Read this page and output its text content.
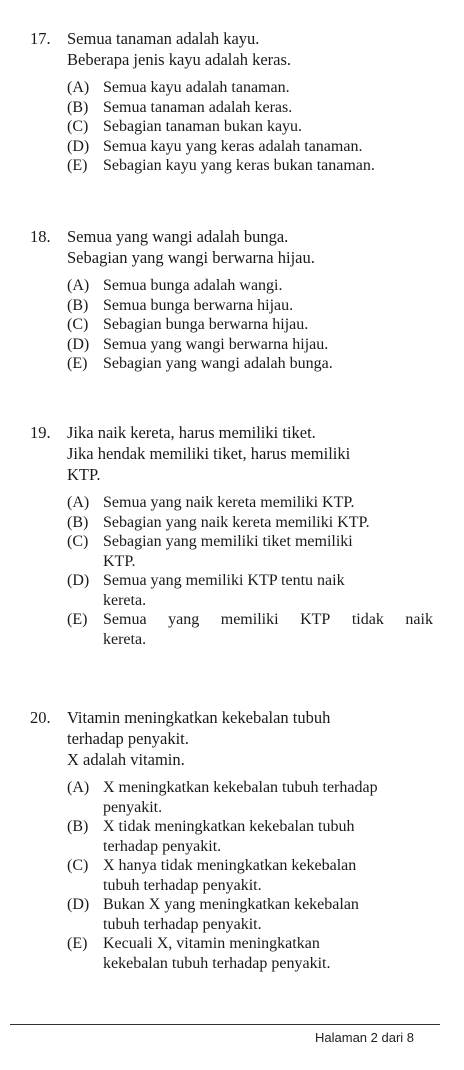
17. Semua tanaman adalah kayu.
Beberapa jenis kayu adalah keras.
(A) Semua kayu adalah tanaman.
(B) Semua tanaman adalah keras.
(C) Sebagian tanaman bukan kayu.
(D) Semua kayu yang keras adalah tanaman.
(E) Sebagian kayu yang keras bukan tanaman.
18. Semua yang wangi adalah bunga.
Sebagian yang wangi berwarna hijau.
(A) Semua bunga adalah wangi.
(B) Semua bunga berwarna hijau.
(C) Sebagian bunga berwarna hijau.
(D) Semua yang wangi berwarna hijau.
(E) Sebagian yang wangi adalah bunga.
19. Jika naik kereta, harus memiliki tiket.
Jika hendak memiliki tiket, harus memiliki
KTP.
(A) Semua yang naik kereta memiliki KTP.
(B) Sebagian yang naik kereta memiliki KTP.
(C) Sebagian yang memiliki tiket memiliki
KTP.
(D) Semua yang memiliki KTP tentu naik
kereta.
(E) Semua yang memiliki KTP tidak naik
kereta.
20. Vitamin meningkatkan kekebalan tubuh
terhadap penyakit.
X adalah vitamin.
(A) X meningkatkan kekebalan tubuh terhadap
penyakit.
(B) X tidak meningkatkan kekebalan tubuh
terhadap penyakit.
(C) X hanya tidak meningkatkan kekebalan
tubuh terhadap penyakit.
(D) Bukan X yang meningkatkan kekebalan
tubuh terhadap penyakit.
(E) Kecuali X, vitamin meningkatkan
kekebalan tubuh terhadap penyakit.
Halaman 2 dari 8
